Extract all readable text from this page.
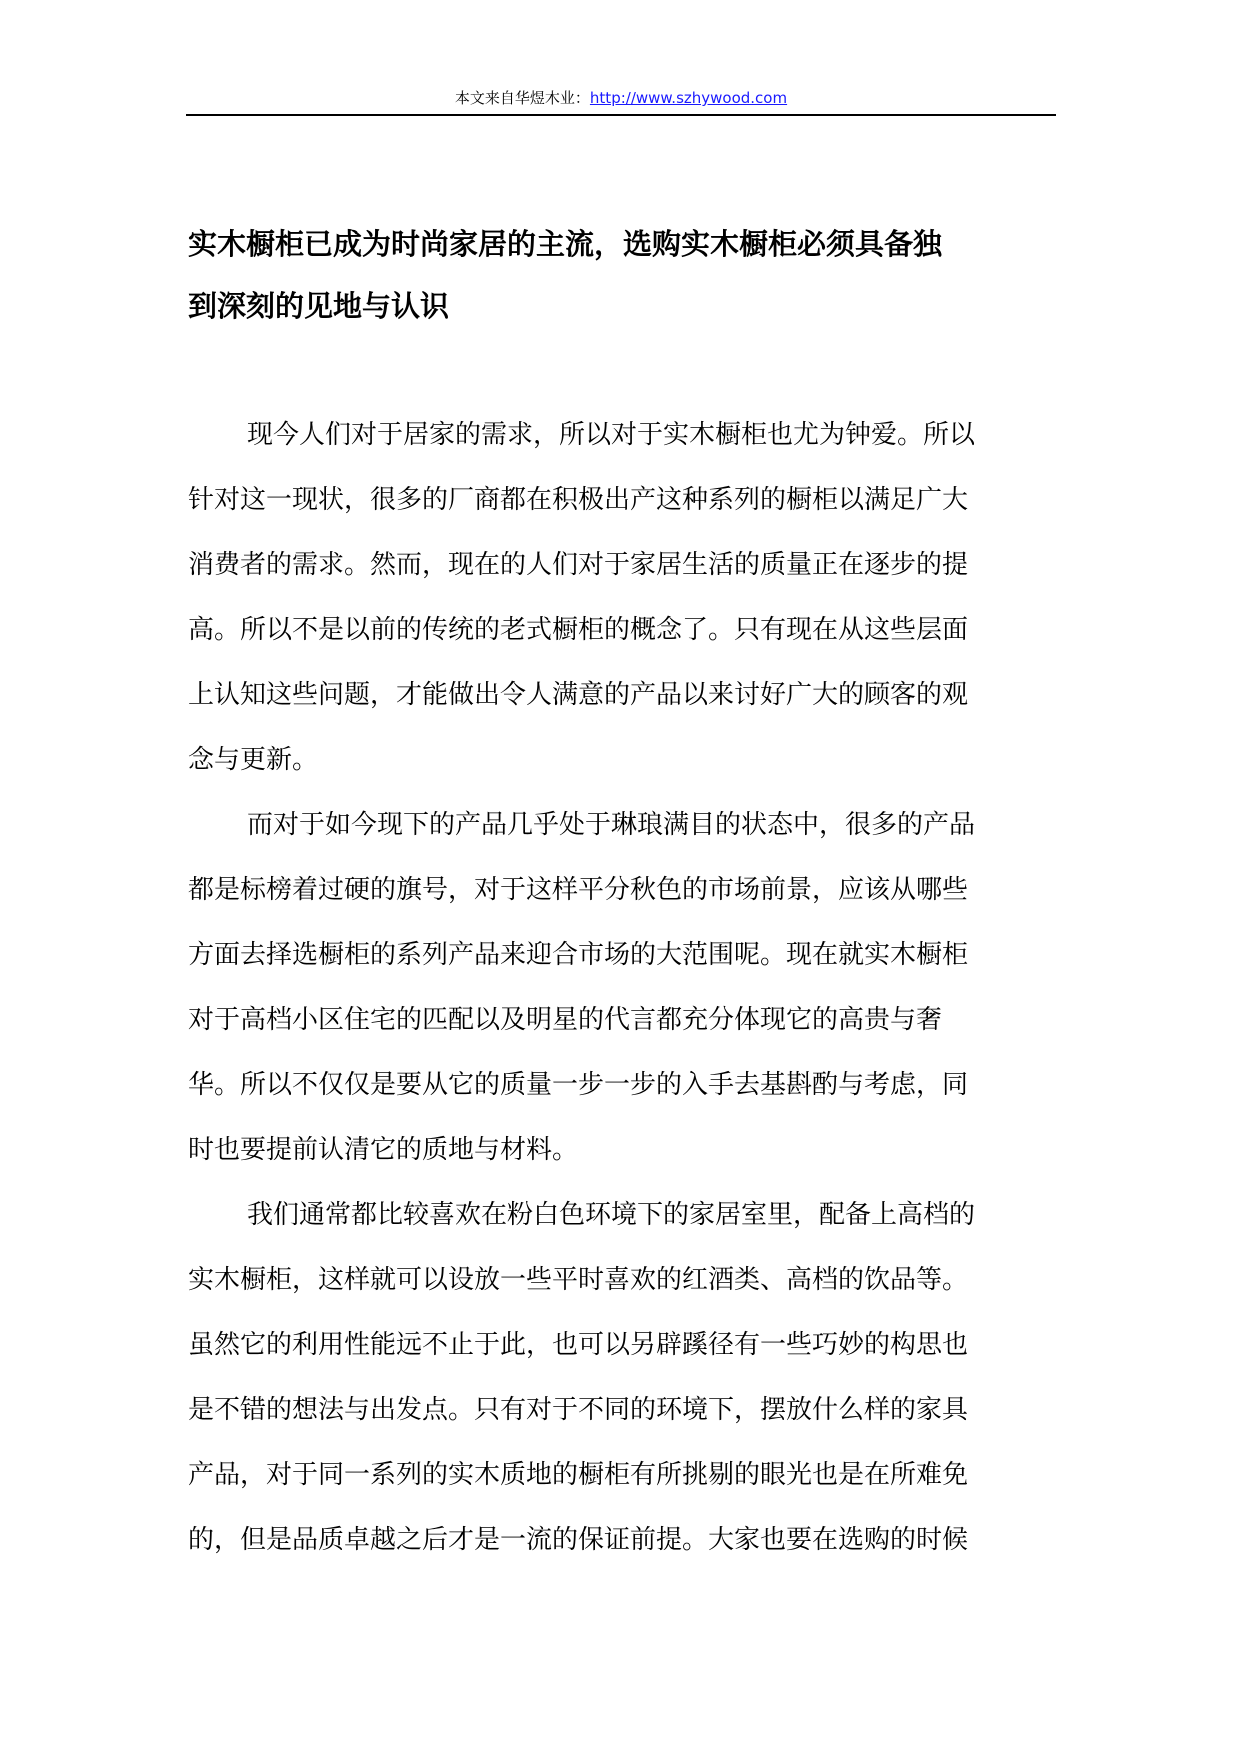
本文来自华煜木业：http://www.szhywood.com
实木橱柜已成为时尚家居的主流，选购实木橱柜必须具备独
到深刻的见地与认识

现今人们对于居家的需求，所以对于实木橱柜也尤为钟爱。所以
针对这一现状，很多的厂商都在积极出产这种系列的橱柜以满足广大
消费者的需求。然而，现在的人们对于家居生活的质量正在逐步的提
高。所以不是以前的传统的老式橱柜的概念了。只有现在从这些层面
上认知这些问题，才能做出令人满意的产品以来讨好广大的顾客的观
念与更新。

而对于如今现下的产品几乎处于琳琅满目的状态中，很多的产品
都是标榜着过硬的旗号，对于这样平分秋色的市场前景，应该从哪些
方面去择选橱柜的系列产品来迎合市场的大范围呢。现在就实木橱柜
对于高档小区住宅的匹配以及明星的代言都充分体现它的高贵与奢
华。所以不仅仅是要从它的质量一步一步的入手去基斟酌与考虑，同
时也要提前认清它的质地与材料。

我们通常都比较喜欢在粉白色环境下的家居室里，配备上高档的
实木橱柜，这样就可以设放一些平时喜欢的红酒类、高档的饮品等。
虽然它的利用性能远不止于此，也可以另辟蹊径有一些巧妙的构思也
是不错的想法与出发点。只有对于不同的环境下，摆放什么样的家具
产品，对于同一系列的实木质地的橱柜有所挑剔的眼光也是在所难免
的，但是品质卓越之后才是一流的保证前提。大家也要在选购的时候
